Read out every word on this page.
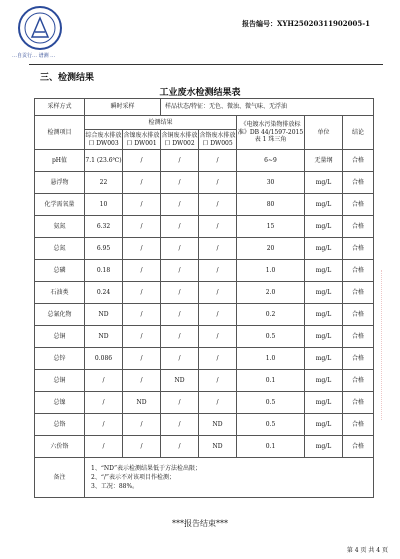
…自贡行… 谱测 …
报告编号：XYH25020311902005-1
三、检测结果
工业废水检测结果表
采样方式	瞬时采样		样品状态/特征：无色、微浊、微气味、无浮油				
检测项目	检测结果				《电镀水污染物排放标准》DB 44/1597-2015 表 1 珠三角	单位	结论
	综合废水排放口 DW003	含镍废水排放口 DW001	含铜废水排放口 DW002	含铬废水排放口 DW005			
pH值	7.1 (23.6℃)	/	/	/	6~9	无量纲	合格
悬浮物	22	/	/	/	30	mg/L	合格
化学需氧量	10	/	/	/	80	mg/L	合格
氨氮	6.32	/	/	/	15	mg/L	合格
总氮	6.95	/	/	/	20	mg/L	合格
总磷	0.18	/	/	/	1.0	mg/L	合格
石油类	0.24	/	/	/	2.0	mg/L	合格
总氰化物	ND	/	/	/	0.2	mg/L	合格
总铜	ND	/	/	/	0.5	mg/L	合格
总锌	0.086	/	/	/	1.0	mg/L	合格
总铜	/	/	ND	/	0.1	mg/L	合格
总镍	/	ND	/	/	0.5	mg/L	合格
总铬	/	/	/	ND	0.5	mg/L	合格
六价铬	/	/	/	ND	0.1	mg/L	合格
备注	1、“ND”表示检测结果低于方法检出限；
2、“/”表示不对该项目作检测；
3、工况：88%。						
***报告结束***
第 4 页 共 4 页
